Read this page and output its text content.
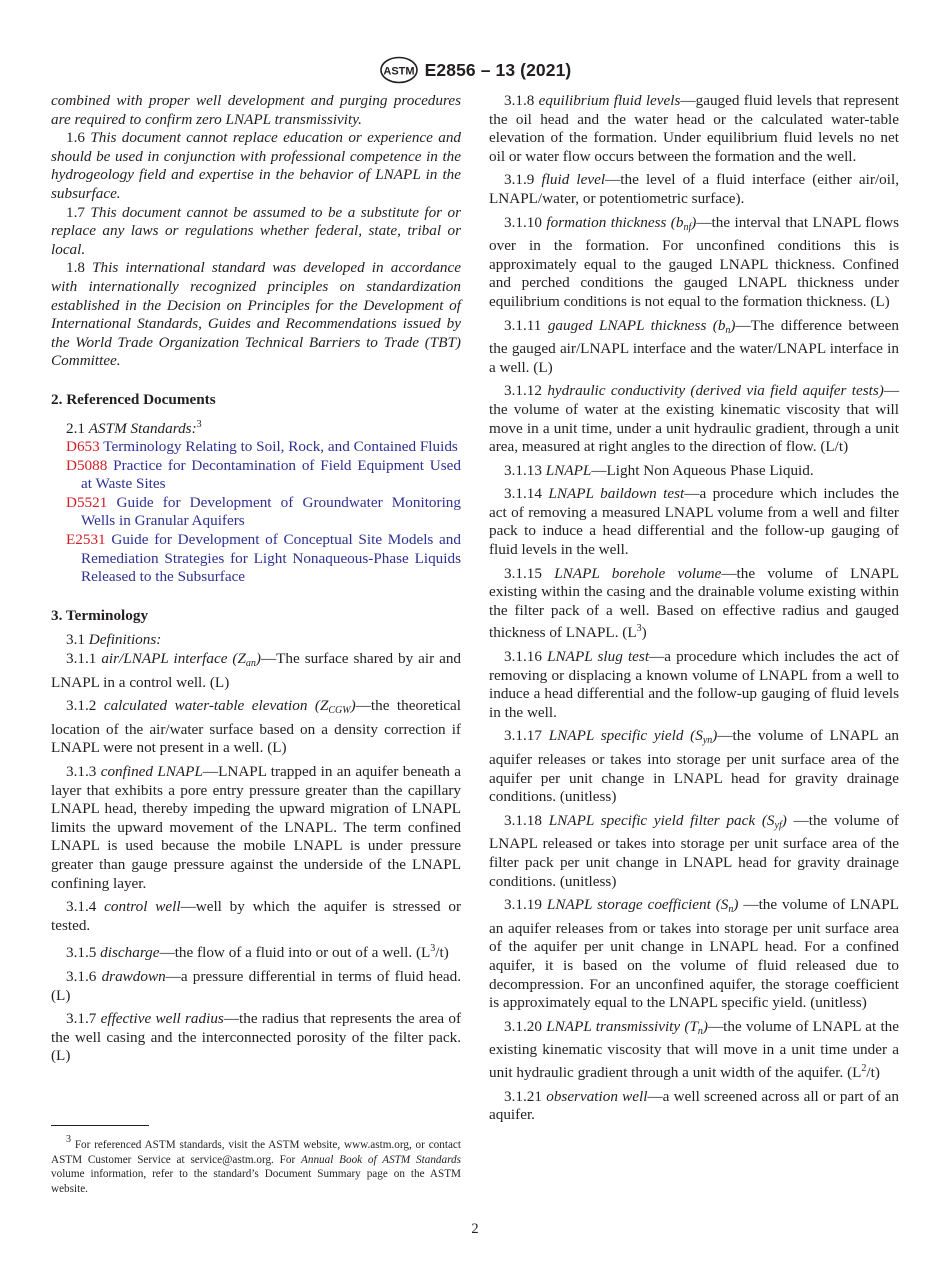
ASTM E2856 – 13 (2021)

combined with proper well development and purging procedures are required to confirm zero LNAPL transmissivity.

1.6 This document cannot replace education or experience and should be used in conjunction with professional competence in the hydrogeology field and expertise in the behavior of LNAPL in the subsurface.

1.7 This document cannot be assumed to be a substitute for or replace any laws or regulations whether federal, state, tribal or local.

1.8 This international standard was developed in accordance with internationally recognized principles on standardization established in the Decision on Principles for the Development of International Standards, Guides and Recommendations issued by the World Trade Organization Technical Barriers to Trade (TBT) Committee.

2. Referenced Documents

2.1 ASTM Standards:$^3$

D653 Terminology Relating to Soil, Rock, and Contained Fluids
D5088 Practice for Decontamination of Field Equipment Used at Waste Sites
D5521 Guide for Development of Groundwater Monitoring Wells in Granular Aquifers
E2531 Guide for Development of Conceptual Site Models and Remediation Strategies for Light Nonaqueous-Phase Liquids Released to the Subsurface
3. Terminology

3.1 Definitions:

3.1.1 air/LNAPL interface $(Z_{an})—The$ surface shared by air and LNAPL in a control well. (L)

3.1.2 calculated water-table elevation $(Z_{CGW})—the$ theoretical location of the air/water surface based on a density correction if LNAPL were not present in a well. (L)

3.1.3 confined LNAPL—LNAPL trapped in an aquifer beneath a layer that exhibits a pore entry pressure greater than the capillary LNAPL head, thereby impeding the upward migration of LNAPL limits the upward movement of the LNAPL. The term confined LNAPL is used because the mobile LNAPL is under pressure greater than gauge pressure against the underside of the LNAPL confining layer.

3.1.4 control well—well by which the aquifer is stressed or tested.

3.1.5 discharge—the flow of a fluid into or out of a well. $(L^3/t)$

3.1.6 drawdown—a pressure differential in terms of fluid head. (L)

3.1.7 effective well radius—the radius that represents the area of the well casing and the interconnected porosity of the filter pack. (L)

3.1.8 equilibrium fluid levels—gauged fluid levels that represent the oil head and the water head or the calculated water-table elevation of the formation. Under equilibrium fluid levels no net oil or water flow occurs between the formation and the well.

3.1.9 fluid level—the level of a fluid interface (either air/oil, LNAPL/water, or potentiometric surface).

3.1.10 formation thickness $(b_{nf})—the$ interval that LNAPL flows over in the formation. For unconfined conditions this is approximately equal to the gauged LNAPL thickness. Confined and perched conditions the gauged LNAPL thickness under equilibrium conditions is not equal to the formation thickness. (L)

3.1.11 gauged LNAPL thickness $(b_n)—The$ difference between the gauged air/LNAPL interface and the water/LNAPL interface in a well. (L)

3.1.12 hydraulic conductivity (derived via field aquifer tests)—the volume of water at the existing kinematic viscosity that will move in a unit time, under a unit hydraulic gradient, through a unit area, measured at right angles to the direction of flow. (L/t)

3.1.13 LNAPL—Light Non Aqueous Phase Liquid.

3.1.14 LNAPL baildown test—a procedure which includes the act of removing a measured LNAPL volume from a well and filter pack to induce a head differential and the follow-up gauging of fluid levels in the well.

3.1.15 LNAPL borehole volume—the volume of LNAPL existing within the casing and the drainable volume existing within the filter pack of a well. Based on effective radius and gauged thickness of LNAPL. $(L^3)$

3.1.16 LNAPL slug test—a procedure which includes the act of removing or displacing a known volume of LNAPL from a well to induce a head differential and the follow-up gauging of fluid levels in the well.

3.1.17 LNAPL specific yield $(S_{yn})—the$ volume of LNAPL an aquifer releases or takes into storage per unit surface area of the aquifer per unit change in LNAPL head for gravity drainage conditions. (unitless)

3.1.18 LNAPL specific yield filter pack $(S_{yf})$ —the volume of LNAPL released or takes into storage per unit surface area of the filter pack per unit change in LNAPL head for gravity drainage conditions. (unitless)

3.1.19 LNAPL storage coefficient $(S_n)$ —the volume of LNAPL an aquifer releases from or takes into storage per unit surface area of the aquifer per unit change in LNAPL head. For a confined aquifer, it is based on the volume of fluid released due to decompression. For an unconfined aquifer, the storage coefficient is approximately equal to the LNAPL specific yield. (unitless)

3.1.20 LNAPL transmissivity $(T_n)—the$ volume of LNAPL at the existing kinematic viscosity that will move in a unit time under a unit hydraulic gradient through a unit width of the aquifer. $(L^2/t)$

3.1.21 observation well—a well screened across all or part of an aquifer.

3 For referenced ASTM standards, visit the ASTM website, www.astm.org, or contact ASTM Customer Service at service@astm.org. For Annual Book of ASTM Standards volume information, refer to the standard’s Document Summary page on the ASTM website.
2
